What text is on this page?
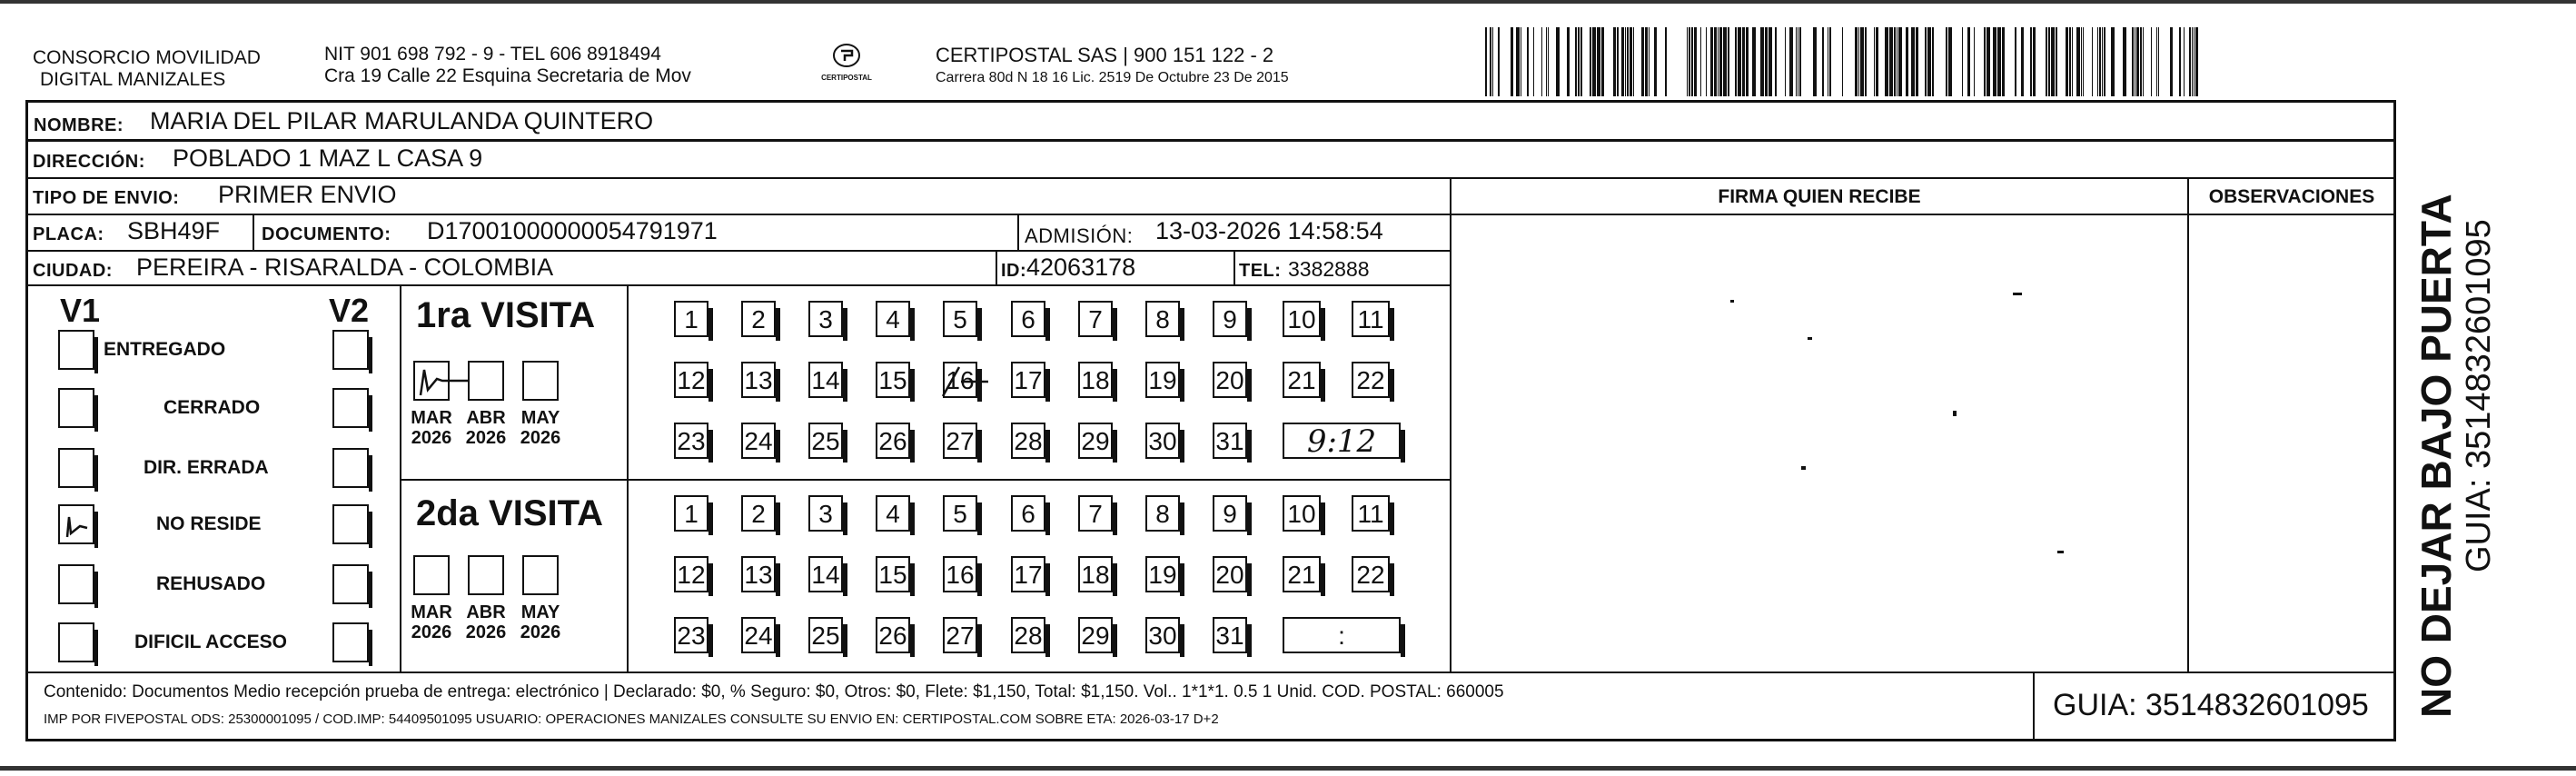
CONSORCIO MOVILIDAD
DIGITAL MANIZALES
NIT 901 698 792 - 9 - TEL 606 8918494
Cra 19 Calle 22 Esquina Secretaria de Mov	CERTIPOSTAL
CERTIPOSTAL SAS | 900 151 122 - 2
Carrera 80d N 18 16 Lic. 2519 De Octubre 23 De 2015
NOMBRE: MARIA DEL PILAR MARULANDA QUINTERO
DIRECCIÓN: POBLADO 1 MAZ L CASA 9
TIPO DE ENVIO: PRIMER ENVIO
PLACA: SBH49F DOCUMENTO: D17001000000054791971	ADMISIÓN: 13-03-2026 14:58:54
CIUDAD: PEREIRA - RISARALDA - COLOMBIA	ID: 42063178	TEL: 3382888
FIRMA QUIEN RECIBE	OBSERVACIONES
V1	V2
ENTREGADO
CERRADO
DIR. ERRADA
NO RESIDE
REHUSADO
DIFICIL ACCESO
1ra VISITA
2da VISITA
MAR
2026
ABR
2026
MAY
2026
1	2	3	4	5	6	7	8	9	10 11
12 13 14 15 16 17 18 19 20 21 22
23 24 25 26 27 28 29 30 31	9:12
MAR
2026
ABR
2026
MAY
2026
1	2	3	4	5	6	7	8	9	10 11
12 13 14 15 16 17 18 19 20 21 22
23 24 25 26 27 28 29 30 31	:
Contenido: Documentos Medio recepción prueba de entrega: electrónico | Declarado: $0, % Seguro: $0, Otros: $0, Flete: $1,150, Total: $1,150. Vol.. 1*1*1. 0.5 1 Unid. COD. POSTAL: 660005
IMP POR FIVEPOSTAL ODS: 25300001095 / COD.IMP: 54409501095 USUARIO: OPERACIONES MANIZALES CONSULTE SU ENVIO EN: CERTIPOSTAL.COM SOBRE ETA: 2026-03-17 D+2	GUIA: 3514832601095 NO DEJAR BAJO PUERTA GUIA: 3514832601095
